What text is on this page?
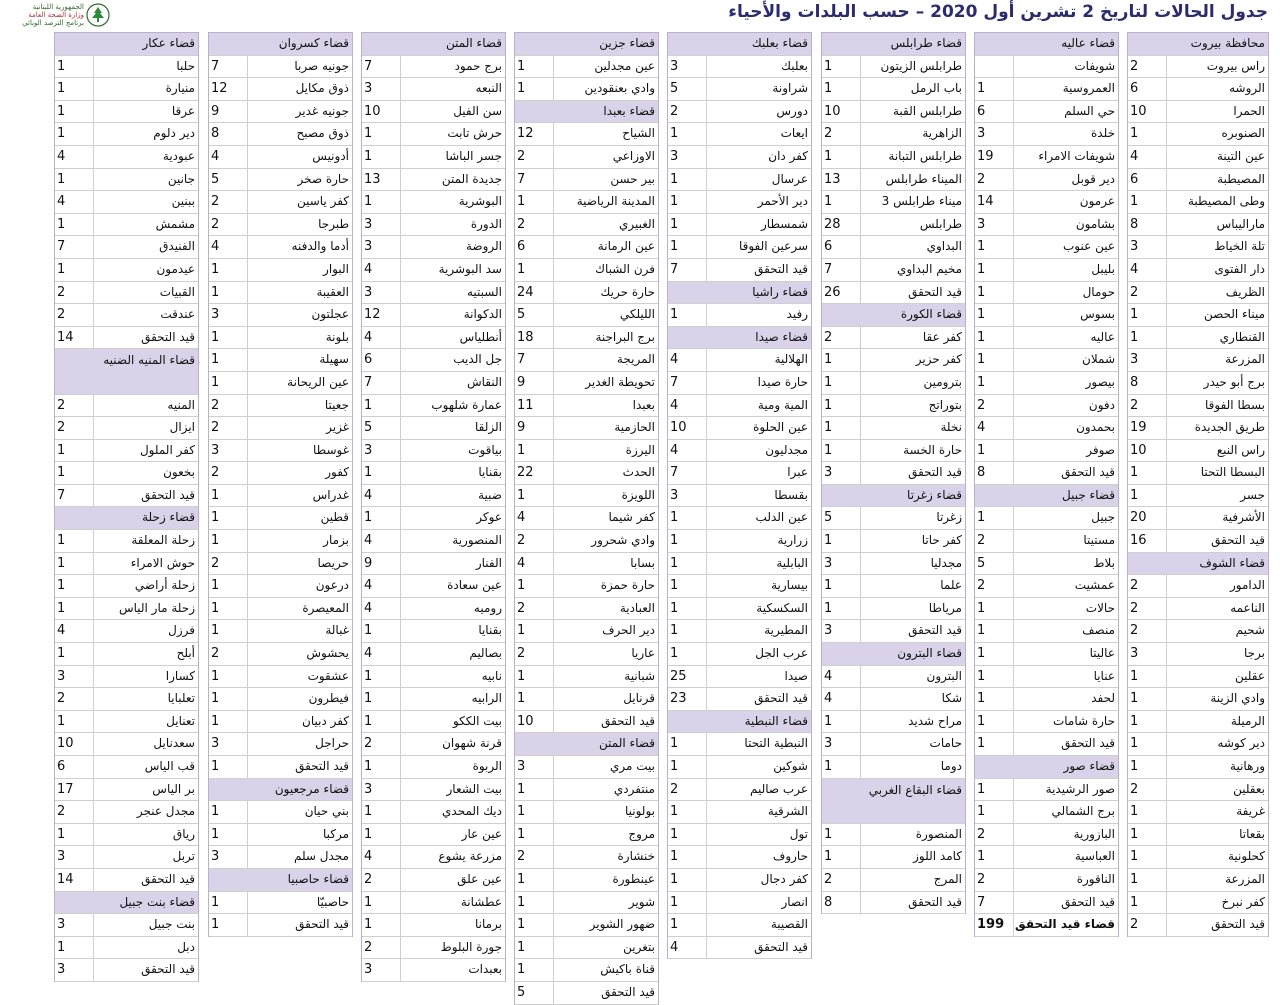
جدول الحالات لتاريخ 2 تشرين أول 2020 – حسب البلدات والأحياء
الجمهورية اللبنانية
وزارة الصحة العامة
برنامج الترصد الوبائي
محافظة بيروت
راس بيروت
2
الروشه
6
الحمرا
10
الصنوبره
1
عين التينة
4
المصيطبة
6
وطى المصيطبة
1
ماراليباس
8
تلة الخياط
3
دار الفتوى
4
الظريف
2
ميناء الحصن
1
القنطاري
1
المزرعة
3
برج أبو حيدر
8
بسطا الفوقا
2
طريق الجديدة
19
راس النبع
10
البسطا التحتا
1
جسر
1
الأشرفية
20
قيد التحقق
16
قضاء الشوف
الدامور
2
الناعمه
2
شحيم
2
برجا
3
عقلين
1
وادي الزينة
1
الرميلة
1
دير كوشه
1
ورهانية
1
بعقلين
2
غريفة
1
بقعاتا
1
كحلونية
1
المزرعة
1
كفر نبرخ
1
قيد التحقق
2
قضاء عاليه
شويفات
العمروسية
1
حي السلم
6
خلدة
3
شويفات الامراء
19
دير قوبل
2
عرمون
14
بشامون
3
عين عنوب
1
بليبل
1
حومال
1
بسوس
1
عاليه
1
شملان
1
بيصور
1
دفون
2
بحمدون
4
صوفر
1
قيد التحقق
8
قضاء جبيل
جبيل
1
مستيتا
2
بلاط
5
عمشيت
2
حالات
1
منصف
1
عاليتا
1
عنايا
1
لحفد
1
حارة شامات
1
قيد التحقق
1
قضاء صور
صور الرشيدية
1
برج الشمالي
1
البازورية
2
العباسية
1
الناقورة
2
قيد التحقق
7
قضاء قيد التحقق
199
قضاء طرابلس
طرابلس الزيتون
1
باب الرمل
1
طرابلس القبة
10
الزاهرية
2
طرابلس التبانة
1
الميناء طرابلس
13
ميناء طرابلس 3
1
طرابلس
28
البداوي
6
مخيم البداوي
7
قيد التحقق
26
قضاء الكورة
كفر عقا
2
كفر حزير
1
بترومين
1
بتوراتج
1
نخلة
1
حارة الخسة
1
قيد التحقق
3
قضاء زغرتا
زغرتا
5
كفر حاتا
1
مجدليا
3
علما
1
مرياطا
1
قيد التحقق
3
قضاء البترون
البترون
4
شكا
4
مراح شديد
1
حامات
3
دوما
1
قضاء البقاع الغربي
المنصورة
1
كامد اللوز
1
المرج
2
قيد التحقق
8
قضاء بعلبك
بعلبك
3
شراونة
5
دورس
2
ايعات
1
كفر دان
3
عرسال
1
دير الأحمر
1
شمسطار
1
سرعين الفوقا
1
قيد التحقق
7
قضاء راشيا
رفيد
1
قضاء صيدا
الهلالية
4
حارة صيدا
7
المية ومية
4
عين الحلوة
10
مجدليون
4
عبرا
7
بقسطا
3
عين الدلب
1
زرارية
1
البابلية
1
بيسارية
1
السكسكية
1
المطيرية
1
عرب الجل
1
صيدا
25
قيد التحقق
23
قضاء النبطية
النبطية التحتا
1
شوكين
1
عرب صاليم
2
الشرقية
1
تول
1
حاروف
1
كفر دجال
1
انصار
1
القصيبة
1
قيد التحقق
4
قضاء جزين
عين مجدلين
1
وادي بعنقودين
1
قضاء بعبدا
الشياح
12
الاوزاعي
2
بير حسن
7
المدينة الرياضية
1
الغبيري
2
عين الرمانة
6
فرن الشباك
1
حارة حريك
24
الليلكي
5
برج البراجنة
18
المريجة
7
تحويطة الغدير
9
بعبدا
11
الحازمية
9
اليرزة
1
الحدث
22
اللويزة
1
كفر شيما
4
وادي شحرور
2
بسابا
4
حارة حمزة
1
العبادية
2
دير الحرف
1
عاريا
2
شبانية
1
قرنايل
1
قيد التحقق
10
قضاء المتن
بيت مري
3
منتفردي
1
بولونيا
1
مروج
1
خنشارة
2
عينطورة
1
شوير
1
ضهور الشوير
1
بتغرين
1
قناة باكيش
1
قيد التحقق
5
قضاء المتن
برج حمود
7
النبعه
3
سن الفيل
10
حرش تابت
1
جسر الباشا
1
جديدة المتن
13
البوشرية
1
الدورة
3
الروضة
3
سد البوشرية
4
السبتيه
3
الدكوانة
12
أنطلياس
4
جل الديب
6
النقاش
7
عمارة شلهوب
1
الزلقا
5
بياقوت
3
بقنايا
1
ضبية
4
عوكر
1
المنصورية
4
الفنار
9
عين سعادة
4
روميه
4
بقنايا
1
بصاليم
4
نابيه
1
الرابيه
1
بيت الككو
1
قرنة شهوان
2
الربوة
1
بيت الشعار
3
ديك المحدي
1
عين عار
1
مزرعة يشوع
4
عين علق
2
عطشانة
1
برمانا
1
جورة البلوط
2
بعبدات
3
قضاء كسروان
جونيه صربا
7
ذوق مكايل
12
جونيه غدير
9
ذوق مصبح
8
أدونيس
4
حارة صخر
5
كفر ياسين
2
طبرجا
2
أدما والدفنه
4
البوار
1
العقيبة
1
عجلتون
3
بلونة
1
سهيلة
1
عين الريحانة
1
جعيتا
2
غزير
2
غوسطا
3
كفور
2
غدراس
1
قطين
1
بزمار
1
حريصا
2
درعون
1
المعيصرة
1
غبالة
1
يحشوش
2
عشقوت
1
فيطرون
1
كفر دبيان
1
حراجل
3
قيد التحقق
1
قضاء مرجعيون
بني حيان
1
مركبا
1
مجدل سلم
3
قضاء حاصبيا
حاصبيّا
1
قيد التحقق
1
قضاء عكار
حلبا
1
منيارة
1
عرقا
1
دير دلوم
1
عبودية
4
جانين
1
ببنين
4
مشمش
1
الفنيدق
7
عيدمون
1
القبيات
2
عندقت
2
قيد التحقق
14
قضاء المنيه الضنيه
المنيه
2
ايزال
2
كفر الملول
1
بخعون
1
قيد التحقق
7
قضاء زحلة
زحلة المعلقة
1
حوش الامراء
1
زحلة أراضي
1
زحلة مار الياس
1
فرزل
4
أبلح
1
كسارا
3
تعلبايا
2
تعنايل
1
سعدنايل
10
قب الياس
6
بر الياس
17
مجدل عنجر
2
رياق
1
تربل
3
قيد التحقق
14
قضاء بنت جبيل
بنت جبيل
3
دبل
1
قيد التحقق
3
